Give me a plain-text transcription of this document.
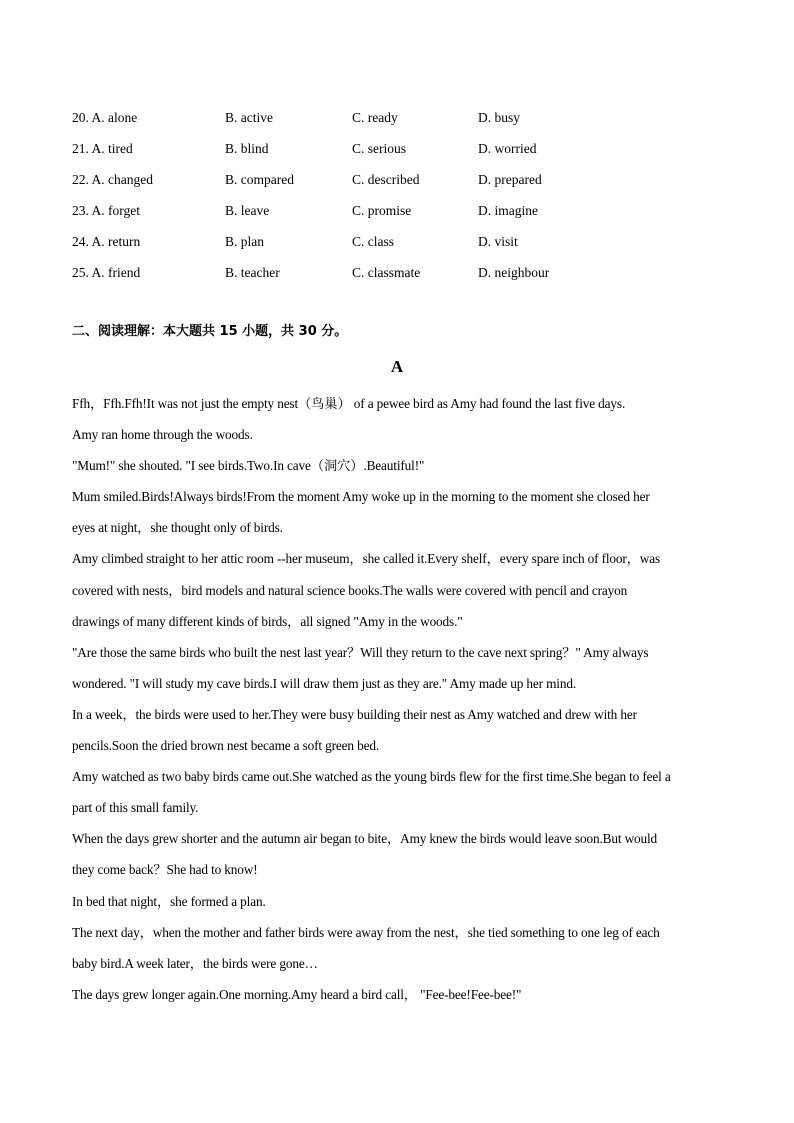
20. A. alone	B. active	C. ready	D. busy
21. A. tired	B. blind	C. serious	D. worried
22. A. changed	B. compared	C. described	D. prepared
23. A. forget	B. leave	C. promise	D. imagine
24. A. return	B. plan	C. class	D. visit
25. A. friend	B. teacher	C. classmate	D. neighbour
二、阅读理解：本大题共 15 小题，共 30 分。
A
Ffh，Ffh.Ffh!It was not just the empty nest（鸟巢） of a pewee bird as Amy had found the last five days.
Amy ran home through the woods.
"Mum!" she shouted. "I see birds.Two.In cave（洞穴）.Beautiful!"
Mum smiled.Birds!Always birds!From the moment Amy woke up in the morning to the moment she closed her
eyes at night，she thought only of birds.
Amy climbed straight to her attic room --her museum，she called it.Every shelf，every spare inch of floor，was
covered with nests，bird models and natural science books.The walls were covered with pencil and crayon
drawings of many different kinds of birds，all signed "Amy in the woods."
"Are those the same birds who built the nest last year？Will they return to the cave next spring？" Amy always
wondered. "I will study my cave birds.I will draw them just as they are." Amy made up her mind.
In a week，the birds were used to her.They were busy building their nest as Amy watched and drew with her
pencils.Soon the dried brown nest became a soft green bed.
Amy watched as two baby birds came out.She watched as the young birds flew for the first time.She began to feel a
part of this small family.
When the days grew shorter and the autumn air began to bite，Amy knew the birds would leave soon.But would
they come back？She had to know!
In bed that night，she formed a plan.
The next day，when the mother and father birds were away from the nest，she tied something to one leg of each
baby bird.A week later，the birds were gone…
The days grew longer again.One morning.Amy heard a bird call， "Fee-bee!Fee-bee!"
